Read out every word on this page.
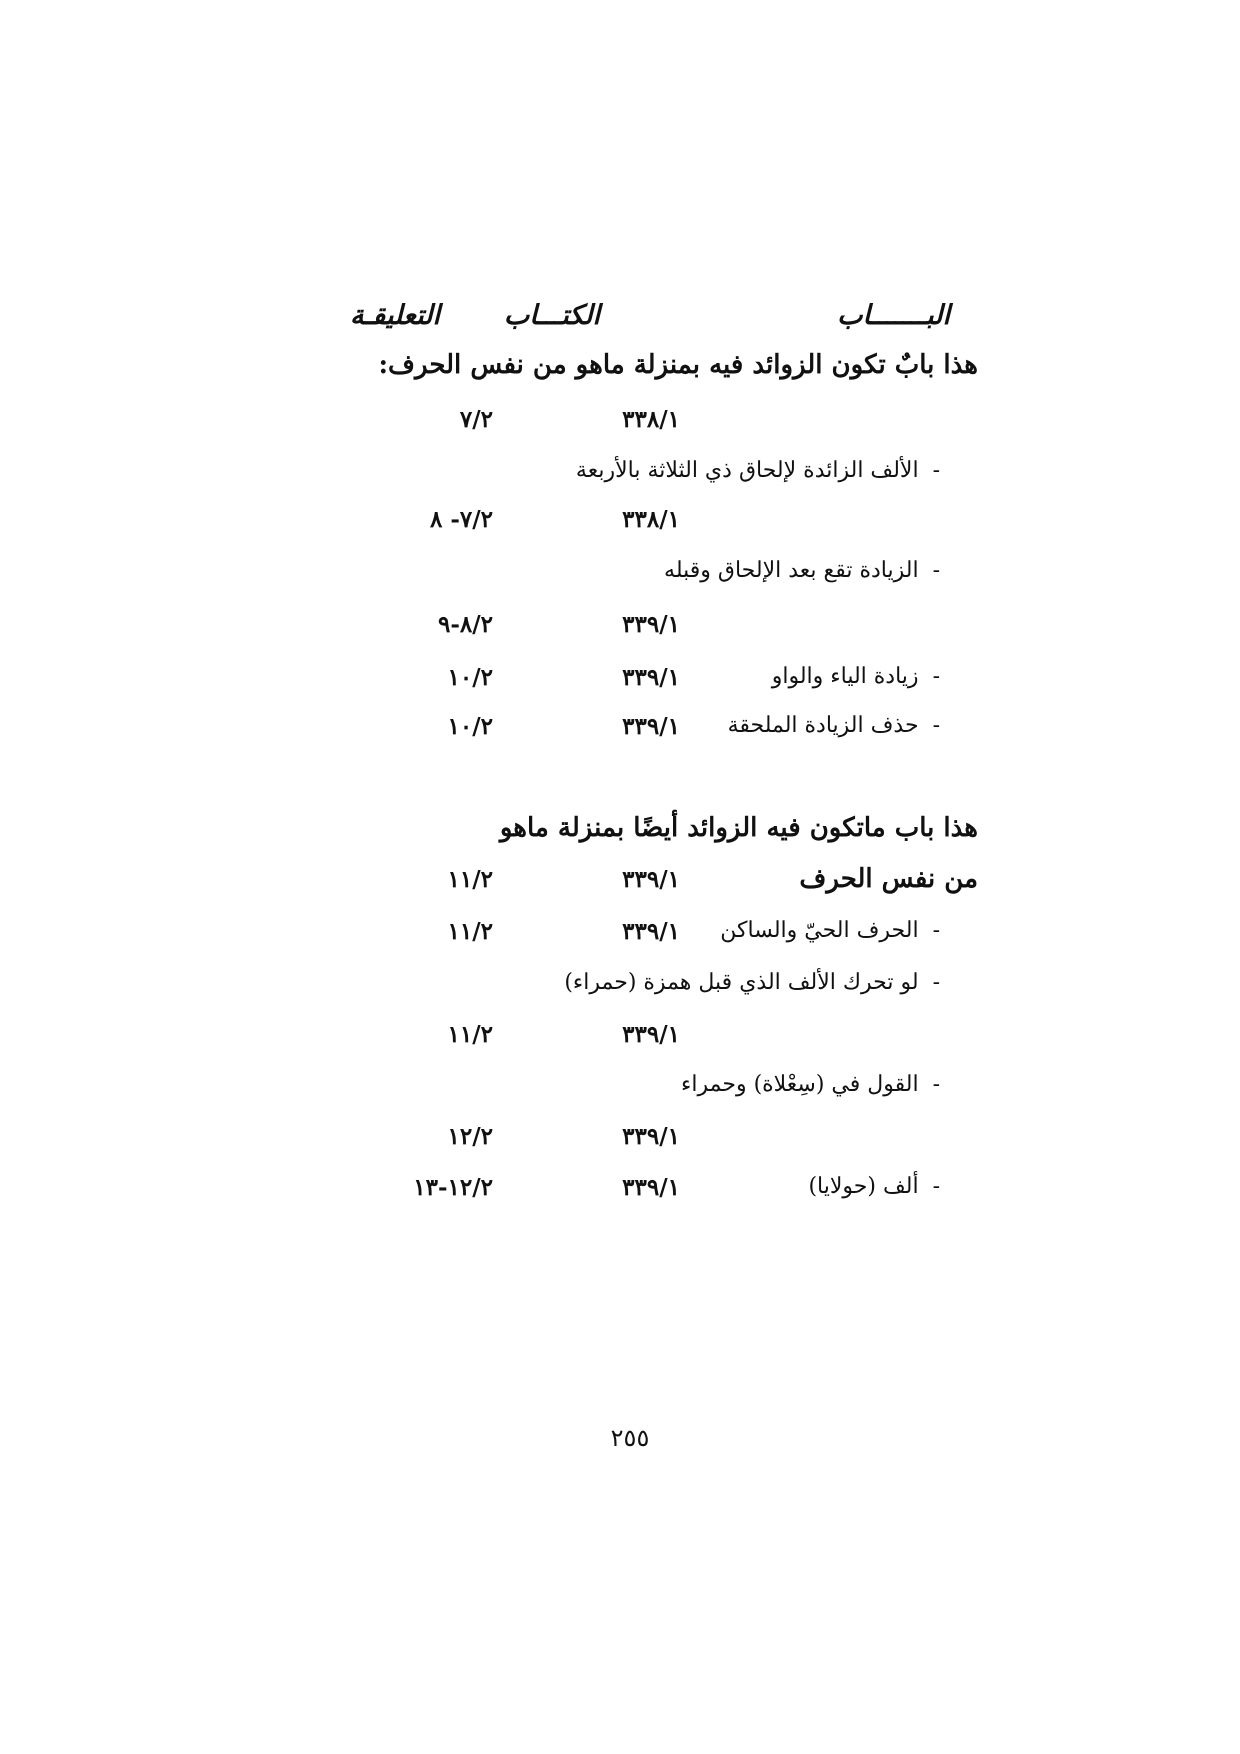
البـــــــاب
الكتـــاب
التعليقـة
هذا بابٌ تكون الزوائد فيه بمنزلة ماهو من نفس الحرف:
٣٣٨/١
٧/٢
-الألف الزائدة لإلحاق ذي الثلاثة بالأربعة
٣٣٨/١
٧/٢- ٨
-الزيادة تقع بعد الإلحاق وقبله
٣٣٩/١
٨/٢-٩
-زيادة الياء والواو
٣٣٩/١
١٠/٢
-حذف الزيادة الملحقة
٣٣٩/١
١٠/٢
هذا باب ماتكون فيه الزوائد أيضًا بمنزلة ماهو
من نفس الحرف
٣٣٩/١
١١/٢
-الحرف الحيّ والساكن
٣٣٩/١
١١/٢
-لو تحرك الألف الذي قبل همزة (حمراء)
٣٣٩/١
١١/٢
-القول في (سِعْلاة) وحمراء
٣٣٩/١
١٢/٢
-ألف (حولايا)
٣٣٩/١
١٢/٢-١٣
٢٥٥
